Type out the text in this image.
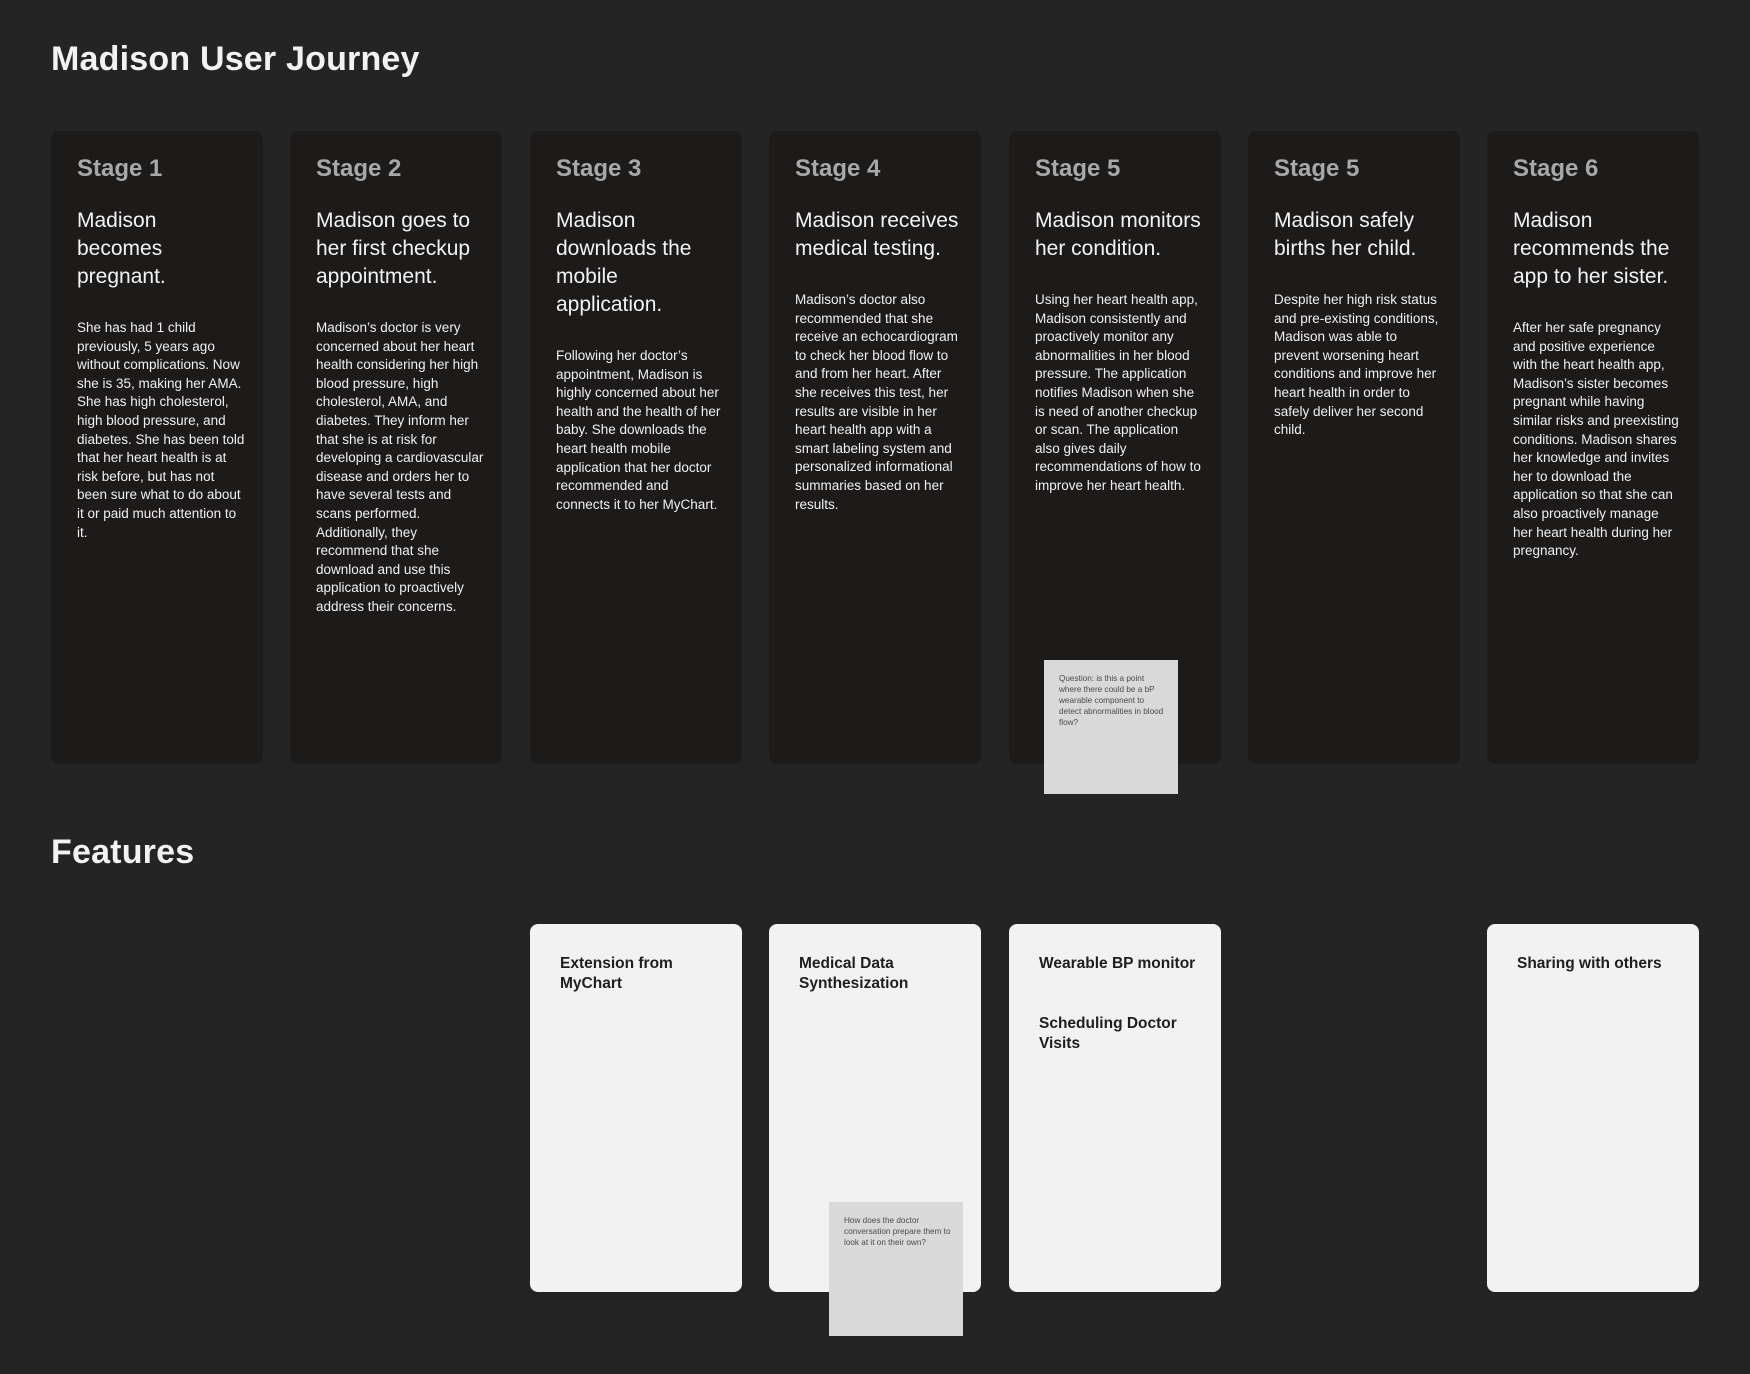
Madison User Journey

Stage 1

Madison becomes pregnant.

She has had 1 child previously, 5 years ago without complications. Now she is 35, making her AMA. She has high cholesterol, high blood pressure, and diabetes. She has been told that her heart health is at risk before, but has not been sure what to do about it or paid much attention to it.

Stage 2

Madison goes to her first checkup appointment.

Madison’s doctor is very concerned about her heart health considering her high blood pressure, high cholesterol, AMA, and diabetes. They inform her that she is at risk for developing a cardiovascular disease and orders her to have several tests and scans performed. Additionally, they recommend that she download and use this application to proactively address their concerns.

Stage 3

Madison downloads the mobile application.

Following her doctor’s appointment, Madison is highly concerned about her health and the health of her baby. She downloads the heart health mobile application that her doctor recommended and connects it to her MyChart.

Stage 4

Madison receives medical testing.

Madison’s doctor also recommended that she receive an echocardiogram to check her blood flow to and from her heart. After she receives this test, her results are visible in her heart health app with a smart labeling system and personalized informational summaries based on her results.

Stage 5

Madison monitors her condition.

Using her heart health app, Madison consistently and proactively monitor any abnormalities in her blood pressure. The application notifies Madison when she is need of another checkup or scan. The application also gives daily recommendations of how to improve her heart health.

Stage 5

Madison safely births her child.

Despite her high risk status and pre-existing conditions, Madison was able to prevent worsening heart conditions and improve her heart health in order to safely deliver her second child.

Stage 6

Madison recommends the app to her sister.

After her safe pregnancy and positive experience with the heart health app, Madison’s sister becomes pregnant while having similar risks and preexisting conditions. Madison shares her knowledge and invites her to download the application so that she can also proactively manage her heart health during her pregnancy.

Question: is this a point where there could be a bP wearable component to detect abnormalities in blood flow?
Features

Extension from MyChart

Medical Data Synthesization

Wearable BP monitor

Scheduling Doctor Visits

Sharing with others

How does the doctor conversation prepare them to look at it on their own?
